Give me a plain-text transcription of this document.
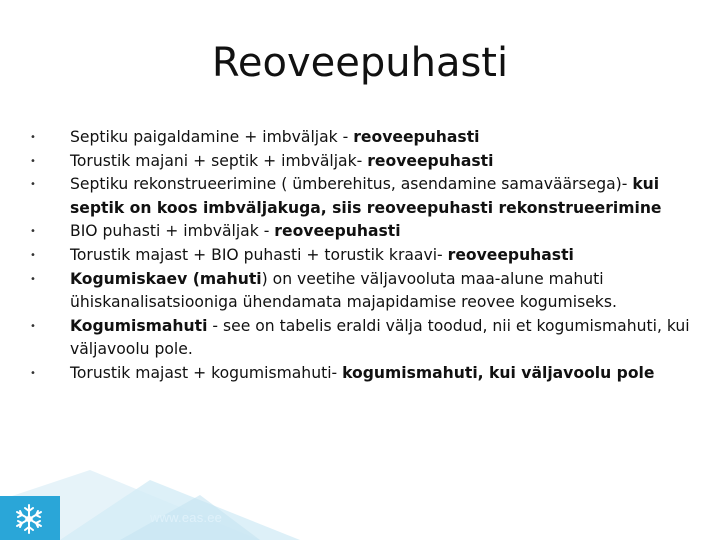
Reoveepuhasti
• Septiku paigaldamine + imbväljak - reoveepuhasti
• Torustik majani + septik + imbväljak- reoveepuhasti
• Septiku rekonstrueerimine ( ümberehitus, asendamine samaväärsega)- kui septik on koos imbväljakuga, siis reoveepuhasti rekonstrueerimine
• BIO puhasti + imbväljak - reoveepuhasti
• Torustik majast + BIO puhasti + torustik kraavi- reoveepuhasti
• Kogumiskaev (mahuti) on veetihe väljavooluta maa-alune mahuti ühiskanalisatsiooniga ühendamata majapidamise reovee kogumiseks.
• Kogumismahuti - see on tabelis eraldi välja toodud, nii et kogumismahuti, kui väljavoolu pole.
• Torustik majast + kogumismahuti- kogumismahuti, kui väljavoolu pole
www.eas.ee
